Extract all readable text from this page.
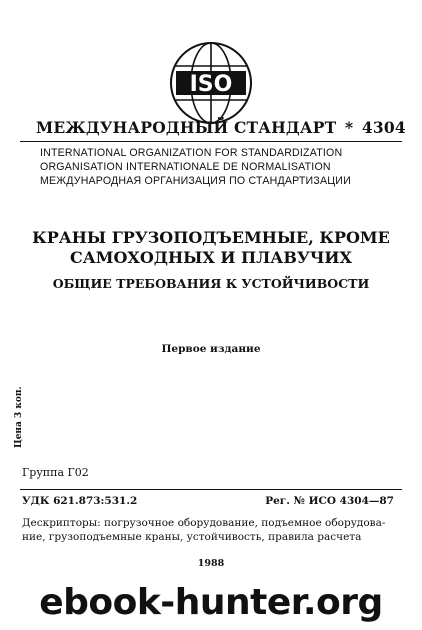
ISO
МЕЖДУНАРОДНЫЙ СТАНДАРТ * 4304
INTERNATIONAL ORGANIZATION FOR STANDARDIZATION
ORGANISATION INTERNATIONALE DE NORMALISATION
МЕЖДУНАРОДНАЯ ОРГАНИЗАЦИЯ ПО СТАНДАРТИЗАЦИИ
КРАНЫ ГРУЗОПОДЪЕМНЫЕ, КРОМЕ
САМОХОДНЫХ И ПЛАВУЧИХ
ОБЩИЕ ТРЕБОВАНИЯ К УСТОЙЧИВОСТИ
Первое издание
Цена 3 коп.
Группа Г02
УДК 621.873:531.2	Рег. № ИСО 4304—87
Дескрипторы: погрузочное оборудование, подъемное оборудова-
ние, грузоподъемные краны, устойчивость, правила расчета
1988
ebook-hunter.org
